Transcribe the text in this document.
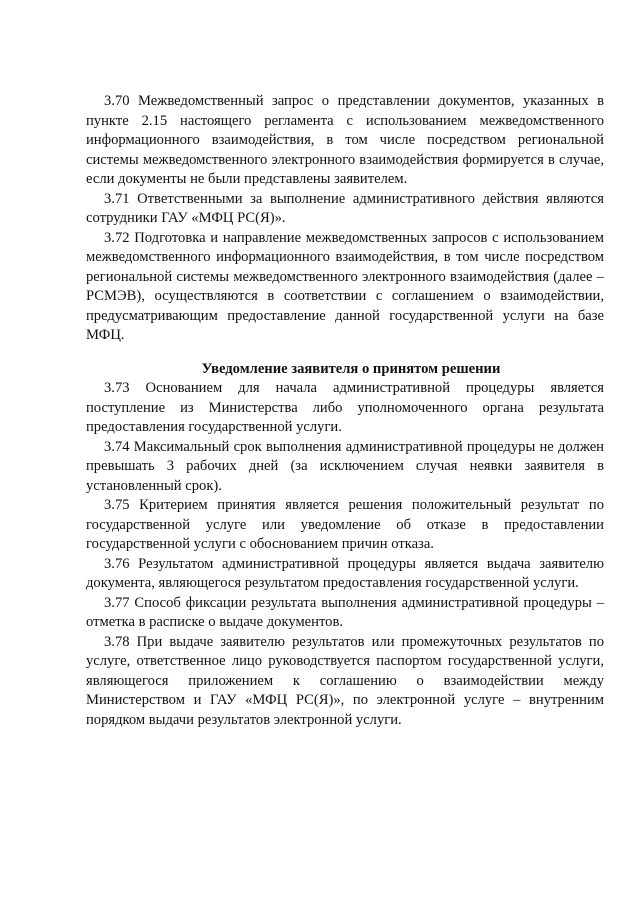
3.70 Межведомственный запрос о представлении документов, указанных в пункте 2.15 настоящего регламента с использованием межведомственного информационного взаимодействия, в том числе посредством региональной системы межведомственного электронного взаимодействия формируется в случае, если документы не были представлены заявителем.

3.71 Ответственными за выполнение административного действия являются сотрудники ГАУ «МФЦ РС(Я)».

3.72 Подготовка и направление межведомственных запросов с использованием межведомственного информационного взаимодействия, в том числе посредством региональной системы межведомственного электронного взаимодействия (далее – РСМЭВ), осуществляются в соответствии с соглашением о взаимодействии, предусматривающим предоставление данной государственной услуги на базе МФЦ.

Уведомление заявителя о принятом решении

3.73 Основанием для начала административной процедуры является поступление из Министерства либо уполномоченного органа результата предоставления государственной услуги.

3.74 Максимальный срок выполнения административной процедуры не должен превышать 3 рабочих дней (за исключением случая неявки заявителя в установленный срок).

3.75 Критерием принятия является решения положительный результат по государственной услуге или уведомление об отказе в предоставлении государственной услуги с обоснованием причин отказа.

3.76 Результатом административной процедуры является выдача заявителю документа, являющегося результатом предоставления государственной услуги.

3.77 Способ фиксации результата выполнения административной процедуры –отметка в расписке о выдаче документов.

3.78 При выдаче заявителю результатов или промежуточных результатов по услуге, ответственное лицо руководствуется паспортом государственной услуги, являющегося приложением к соглашению о взаимодействии между Министерством и ГАУ «МФЦ РС(Я)», по электронной услуге – внутренним порядком выдачи результатов электронной услуги.
